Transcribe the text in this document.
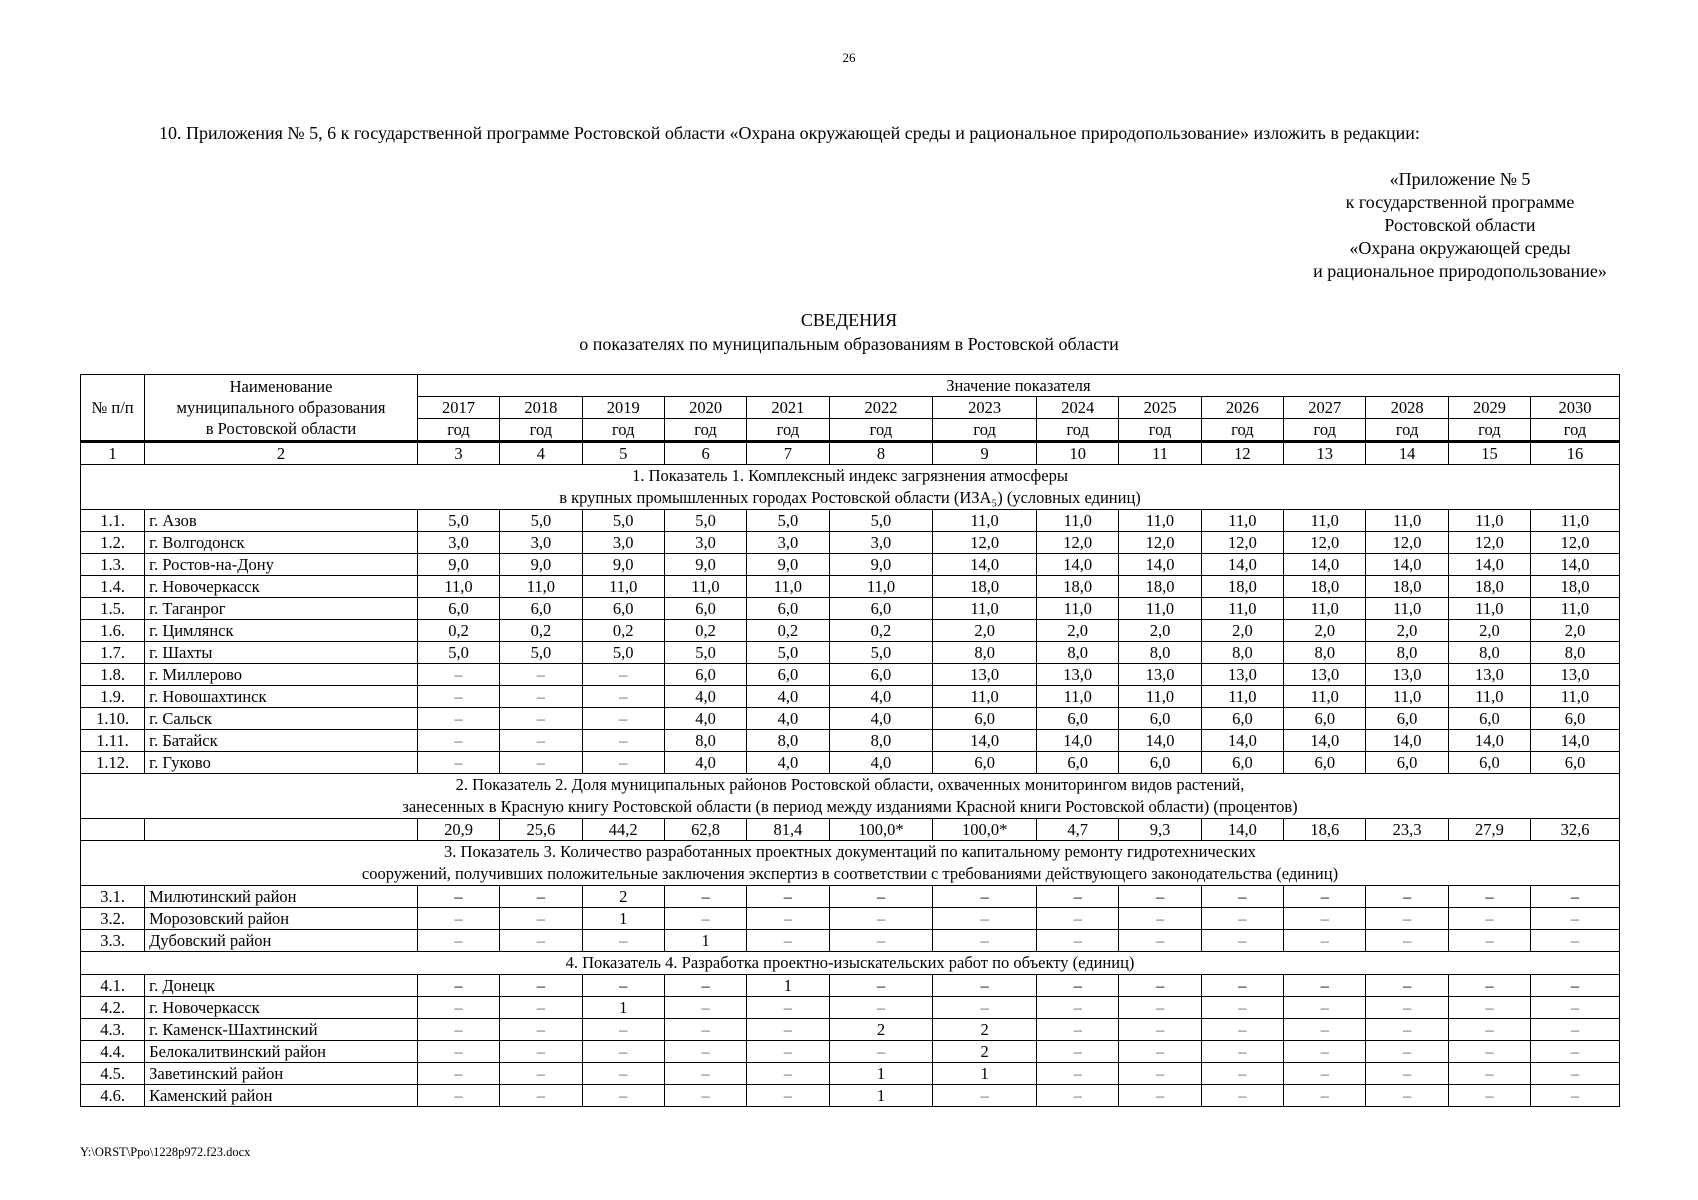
26
10. Приложения № 5, 6 к государственной программе Ростовской области «Охрана окружающей среды и рациональное природопользование» изложить в редакции:
«Приложение № 5
к государственной программе
Ростовской области
«Охрана окружающей среды
и рациональное природопользование»
СВЕДЕНИЯ
о показателях по муниципальным образованиям в Ростовской области
№ п/п	Наименование
муниципального образования
в Ростовской области	Значение показателя													
		2017	2018	2019	2020	2021	2022	2023	2024	2025	2026	2027	2028	2029	2030
		год	год	год	год	год	год	год	год	год	год	год	год	год	год
1	2	3	4	5	6	7	8	9	10	11	12	13	14	15	16

1. Показатель 1. Комплексный индекс загрязнения атмосферы
в крупных промышленных городах Ростовской области (ИЗА₅) (условных единиц)															

1.1.	г. Азов	5,0	5,0	5,0	5,0	5,0	5,0	11,0	11,0	11,0	11,0	11,0	11,0	11,0	11,0
1.2.	г. Волгодонск	3,0	3,0	3,0	3,0	3,0	3,0	12,0	12,0	12,0	12,0	12,0	12,0	12,0	12,0
1.3.	г. Ростов-на-Дону	9,0	9,0	9,0	9,0	9,0	9,0	14,0	14,0	14,0	14,0	14,0	14,0	14,0	14,0
1.4.	г. Новочеркасск	11,0	11,0	11,0	11,0	11,0	11,0	18,0	18,0	18,0	18,0	18,0	18,0	18,0	18,0
1.5.	г. Таганрог	6,0	6,0	6,0	6,0	6,0	6,0	11,0	11,0	11,0	11,0	11,0	11,0	11,0	11,0
1.6.	г. Цимлянск	0,2	0,2	0,2	0,2	0,2	0,2	2,0	2,0	2,0	2,0	2,0	2,0	2,0	2,0
1.7.	г. Шахты	5,0	5,0	5,0	5,0	5,0	5,0	8,0	8,0	8,0	8,0	8,0	8,0	8,0	8,0
1.8.	г. Миллерово	–	–	–	6,0	6,0	6,0	13,0	13,0	13,0	13,0	13,0	13,0	13,0	13,0
1.9.	г. Новошахтинск	–	–	–	4,0	4,0	4,0	11,0	11,0	11,0	11,0	11,0	11,0	11,0	11,0
1.10.	г. Сальск	–	–	–	4,0	4,0	4,0	6,0	6,0	6,0	6,0	6,0	6,0	6,0	6,0
1.11.	г. Батайск	–	–	–	8,0	8,0	8,0	14,0	14,0	14,0	14,0	14,0	14,0	14,0	14,0
1.12.	г. Гуково	–	–	–	4,0	4,0	4,0	6,0	6,0	6,0	6,0	6,0	6,0	6,0	6,0

2. Показатель 2. Доля муниципальных районов Ростовской области, охваченных мониторингом видов растений,
занесенных в Красную книгу Ростовской области (в период между изданиями Красной книги Ростовской области) (процентов)															

		20,9	25,6	44,2	62,8	81,4	100,0*	100,0*	4,7	9,3	14,0	18,6	23,3	27,9	32,6

3. Показатель 3. Количество разработанных проектных документаций по капитальному ремонту гидротехнических
сооружений, получивших положительные заключения экспертиз в соответствии с требованиями действующего законодательства (единиц)															

3.1.	Милютинский район	–	–	2	–	–	–	–	–	–	–	–	–	–	–
3.2.	Морозовский район	–	–	1	–	–	–	–	–	–	–	–	–	–	–
3.3.	Дубовский район	–	–	–	1	–	–	–	–	–	–	–	–	–	–

4. Показатель 4. Разработка проектно-изыскательских работ по объекту (единиц)															

4.1.	г. Донецк	–	–	–	–	1	–	–	–	–	–	–	–	–	–
4.2.	г. Новочеркасск	–	–	1	–	–	–	–	–	–	–	–	–	–	–
4.3.	г. Каменск-Шахтинский	–	–	–	–	–	2	2	–	–	–	–	–	–	–
4.4.	Белокалитвинский район	–	–	–	–	–	–	2	–	–	–	–	–	–	–
4.5.	Заветинский район	–	–	–	–	–	1	1	–	–	–	–	–	–	–
4.6.	Каменский район	–	–	–	–	–	1	–	–	–	–	–	–	–	–
Y:\ORST\Ppo\1228p972.f23.docx
